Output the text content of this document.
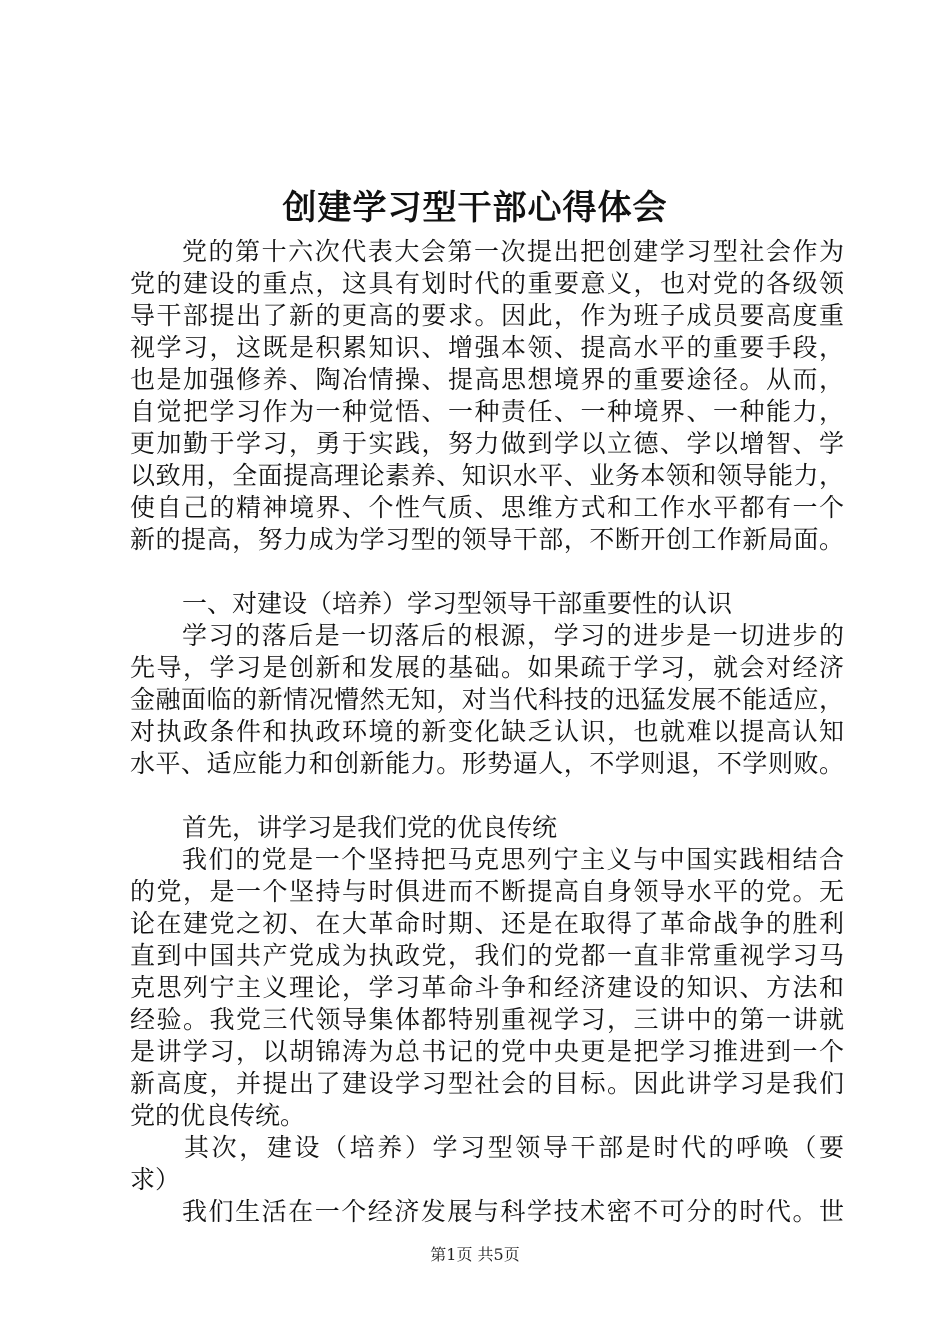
创建学习型干部心得体会
党的第十六次代表大会第一次提出把创建学习型社会作为
党的建设的重点，这具有划时代的重要意义，也对党的各级领
导干部提出了新的更高的要求。因此，作为班子成员要高度重
视学习，这既是积累知识、增强本领、提高水平的重要手段，
也是加强修养、陶冶情操、提高思想境界的重要途径。从而，
自觉把学习作为一种觉悟、一种责任、一种境界、一种能力，
更加勤于学习，勇于实践，努力做到学以立德、学以增智、学
以致用，全面提高理论素养、知识水平、业务本领和领导能力，
使自己的精神境界、个性气质、思维方式和工作水平都有一个
新的提高，努力成为学习型的领导干部，不断开创工作新局面。
一、对建设（培养）学习型领导干部重要性的认识
学习的落后是一切落后的根源，学习的进步是一切进步的
先导，学习是创新和发展的基础。如果疏于学习，就会对经济
金融面临的新情况懵然无知，对当代科技的迅猛发展不能适应，
对执政条件和执政环境的新变化缺乏认识，也就难以提高认知
水平、适应能力和创新能力。形势逼人，不学则退，不学则败。
首先，讲学习是我们党的优良传统
我们的党是一个坚持把马克思列宁主义与中国实践相结合
的党，是一个坚持与时俱进而不断提高自身领导水平的党。无
论在建党之初、在大革命时期、还是在取得了革命战争的胜利
直到中国共产党成为执政党，我们的党都一直非常重视学习马
克思列宁主义理论，学习革命斗争和经济建设的知识、方法和
经验。我党三代领导集体都特别重视学习，三讲中的第一讲就
是讲学习，以胡锦涛为总书记的党中央更是把学习推进到一个
新高度，并提出了建设学习型社会的目标。因此讲学习是我们
党的优良传统。
其次，建设（培养）学习型领导干部是时代的呼唤（要
求）
我们生活在一个经济发展与科学技术密不可分的时代。世
第1页 共5页
